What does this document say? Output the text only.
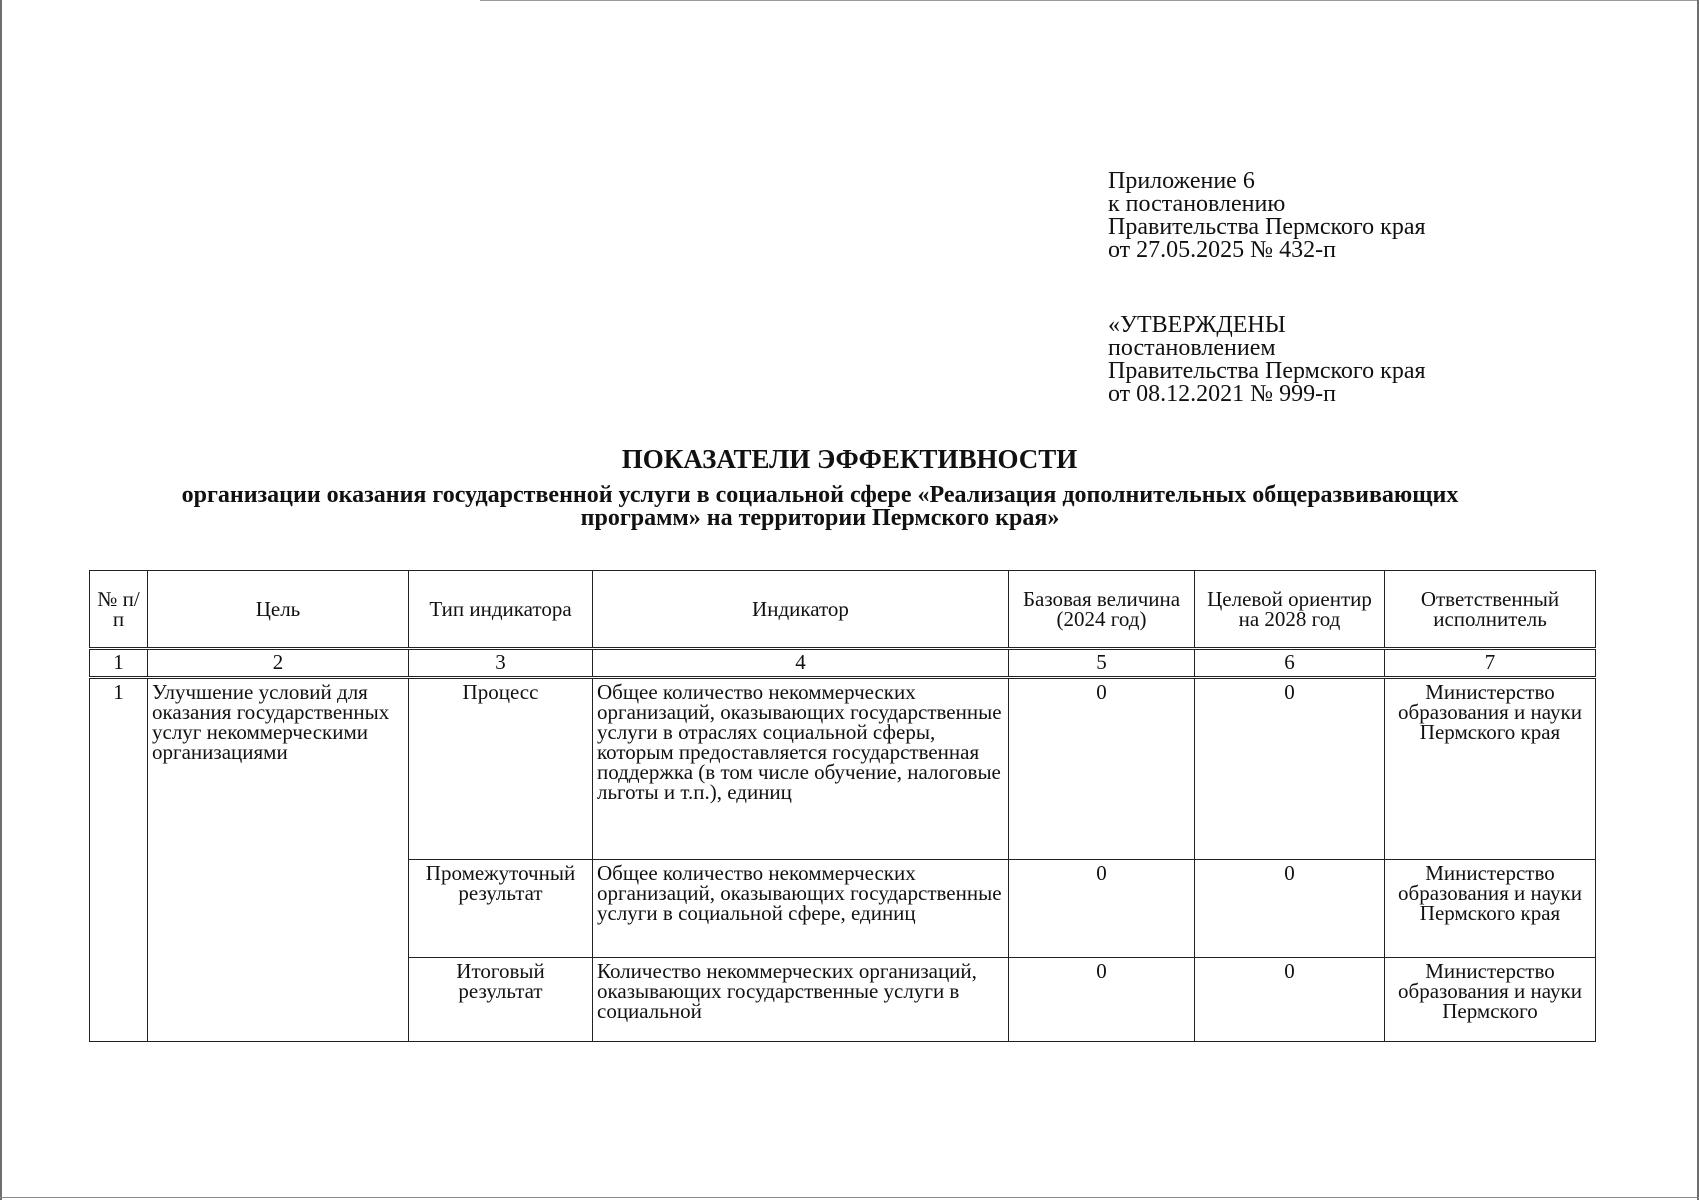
Приложение 6
к постановлению
Правительства Пермского края
от 27.05.2025 № 432-п
«УТВЕРЖДЕНЫ
постановлением
Правительства Пермского края
от 08.12.2021 № 999-п
ПОКАЗАТЕЛИ ЭФФЕКТИВНОСТИ
организации оказания государственной услуги в социальной сфере «Реализация дополнительных общеразвивающих программ» на территории Пермского края»
№ п/п	Цель	Тип индикатора	Индикатор	Базовая величина (2024 год)	Целевой ориентир на 2028 год	Ответственный исполнитель
1	2	3	4	5	6	7
1	Улучшение условий для оказания государственных услуг некоммерческими организациями	Процесс	Общее количество некоммерческих организаций, оказывающих государственные услуги в отраслях социальной сферы, которым предоставляется государственная поддержка (в том числе обучение, налоговые льготы и т.п.), единиц	0	0	Министерство образования и науки Пермского края
		Промежуточный результат	Общее количество некоммерческих организаций, оказывающих государственные услуги в социальной сфере, единиц	0	0	Министерство образования и науки Пермского края
		Итоговый результат	Количество некоммерческих организаций, оказывающих государственные услуги в социальной	0	0	Министерство образования и науки Пермского
